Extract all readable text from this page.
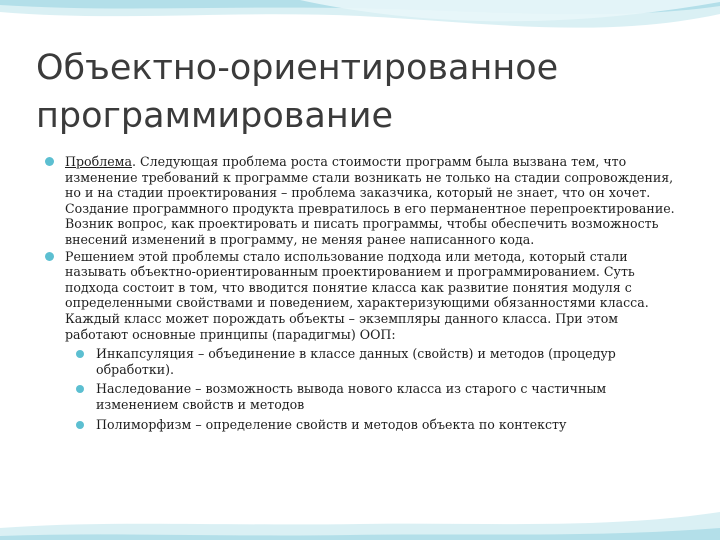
Объектно-ориентированное программирование
Проблема. Следующая проблема роста стоимости программ была вызвана тем, что изменение требований к программе стали возникать не только на стадии сопровождения, но и на стадии проектирования – проблема заказчика, который не знает, что он хочет. Создание программного продукта превратилось в его перманентное перепроектирование. Возник вопрос, как проектировать и писать программы, чтобы обеспечить возможность внесений изменений в программу, не меняя ранее написанного кода.
Решением этой проблемы стало использование подхода или метода, который стали называть объектно-ориентированным проектированием и программированием. Суть подхода состоит в том, что вводится понятие класса как развитие понятия модуля с определенными свойствами и поведением, характеризующими обязанностями класса. Каждый класс может порождать объекты – экземпляры данного класса. При этом работают основные принципы (парадигмы) ООП:
Инкапсуляция – объединение в классе данных (свойств) и методов (процедур обработки).
Наследование – возможность вывода нового класса из старого с частичным изменением свойств и методов
Полиморфизм – определение свойств и методов объекта по контексту
